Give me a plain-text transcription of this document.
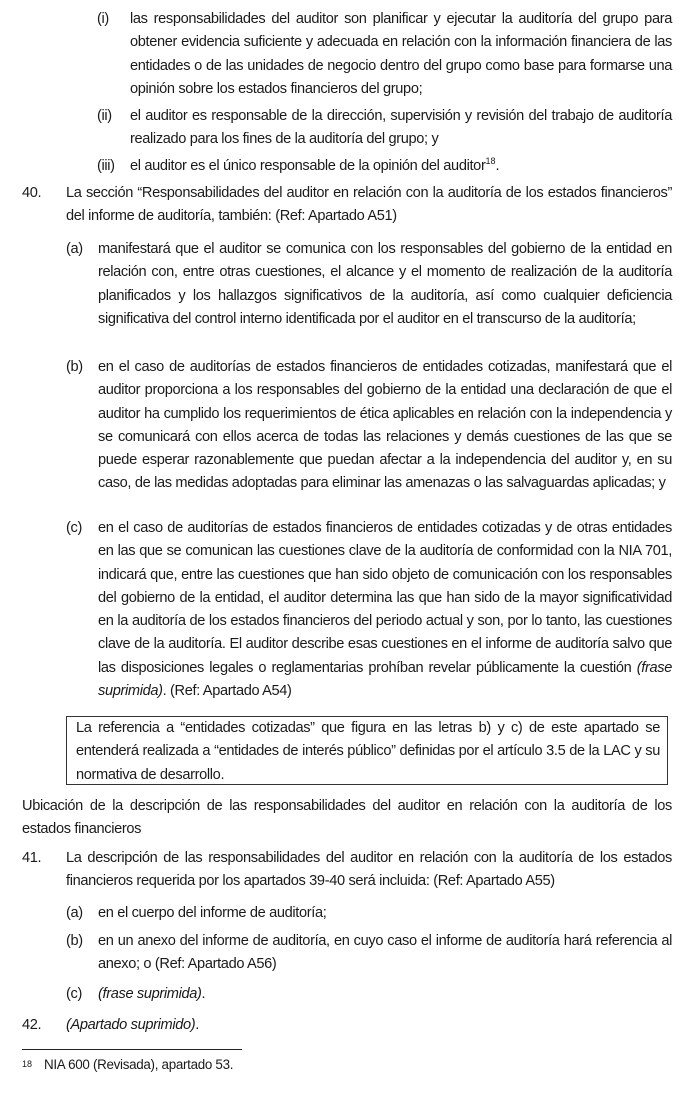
(i) las responsabilidades del auditor son planificar y ejecutar la auditoría del grupo para obtener evidencia suficiente y adecuada en relación con la información financiera de las entidades o de las unidades de negocio dentro del grupo como base para formarse una opinión sobre los estados financieros del grupo;
(ii) el auditor es responsable de la dirección, supervisión y revisión del trabajo de auditoría realizado para los fines de la auditoría del grupo; y
(iii) el auditor es el único responsable de la opinión del auditor$^{18}$.
40. La sección “Responsabilidades del auditor en relación con la auditoría de los estados financieros” del informe de auditoría, también: (Ref: Apartado A51)
(a) manifestará que el auditor se comunica con los responsables del gobierno de la entidad en relación con, entre otras cuestiones, el alcance y el momento de realización de la auditoría planificados y los hallazgos significativos de la auditoría, así como cualquier deficiencia significativa del control interno identificada por el auditor en el transcurso de la auditoría;
(b) en el caso de auditorías de estados financieros de entidades cotizadas, manifestará que el auditor proporciona a los responsables del gobierno de la entidad una declaración de que el auditor ha cumplido los requerimientos de ética aplicables en relación con la independencia y se comunicará con ellos acerca de todas las relaciones y demás cuestiones de las que se puede esperar razonablemente que puedan afectar a la independencia del auditor y, en su caso, de las medidas adoptadas para eliminar las amenazas o las salvaguardas aplicadas; y
(c) en el caso de auditorías de estados financieros de entidades cotizadas y de otras entidades en las que se comunican las cuestiones clave de la auditoría de conformidad con la NIA 701, indicará que, entre las cuestiones que han sido objeto de comunicación con los responsables del gobierno de la entidad, el auditor determina las que han sido de la mayor significatividad en la auditoría de los estados financieros del periodo actual y son, por lo tanto, las cuestiones clave de la auditoría. El auditor describe esas cuestiones en el informe de auditoría salvo que las disposiciones legales o reglamentarias prohíban revelar públicamente la cuestión (frase suprimida). (Ref: Apartado A54)
La referencia a “entidades cotizadas” que figura en las letras b) y c) de este apartado se entenderá realizada a “entidades de interés público” definidas por el artículo 3.5 de la LAC y su normativa de desarrollo.
Ubicación de la descripción de las responsabilidades del auditor en relación con la auditoría de los estados financieros
41. La descripción de las responsabilidades del auditor en relación con la auditoría de los estados financieros requerida por los apartados 39-40 será incluida: (Ref: Apartado A55)
(a) en el cuerpo del informe de auditoría;
(b) en un anexo del informe de auditoría, en cuyo caso el informe de auditoría hará referencia al anexo; o (Ref: Apartado A56)
(c) (frase suprimida).
42. (Apartado suprimido).
18 NIA 600 (Revisada), apartado 53.
